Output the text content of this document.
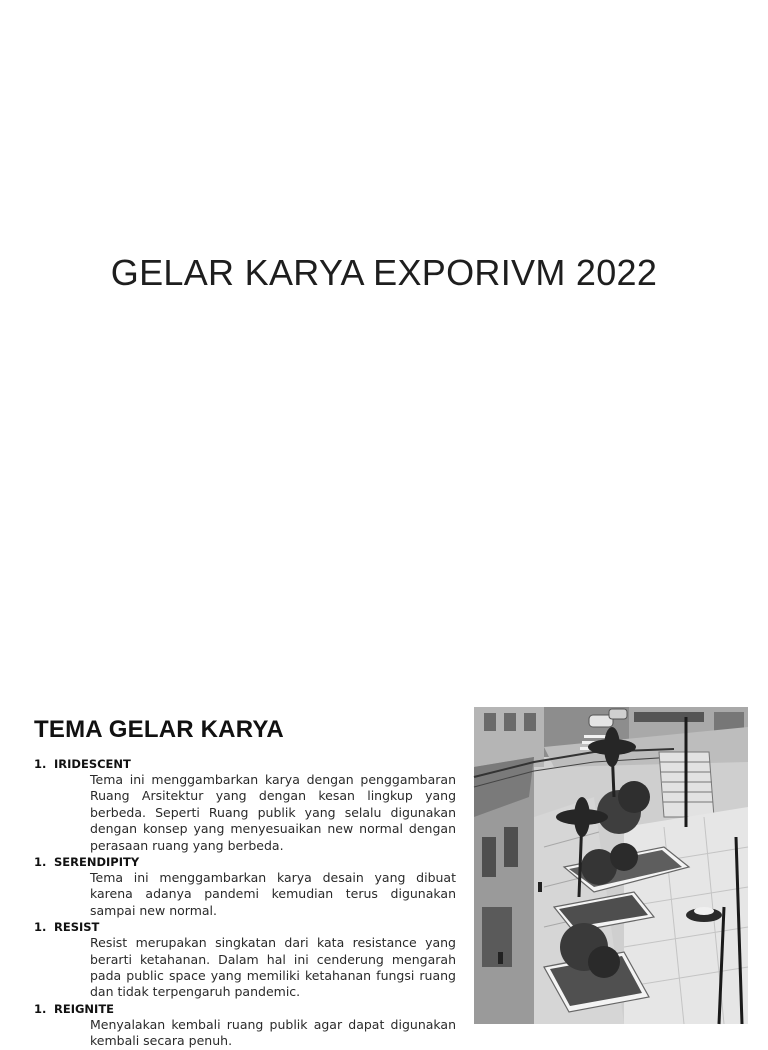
GELAR KARYA EXPORIVM 2022
TEMA GELAR KARYA
1. IRIDESCENT
Tema ini menggambarkan karya dengan penggambaran Ruang Arsitektur yang dengan kesan lingkup yang berbeda. Seperti Ruang publik yang selalu digunakan dengan konsep yang menyesuaikan new normal dengan perasaan ruang yang berbeda.
1. SERENDIPITY
Tema ini menggambarkan karya desain yang dibuat karena adanya pandemi kemudian terus digunakan sampai new normal.
1. RESIST
Resist merupakan singkatan dari kata resistance yang berarti ketahanan. Dalam hal ini cenderung mengarah pada public space yang memiliki ketahanan fungsi ruang dan tidak terpengaruh pandemic.
1. REIGNITE
Menyalakan kembali ruang publik agar dapat digunakan kembali secara penuh.
